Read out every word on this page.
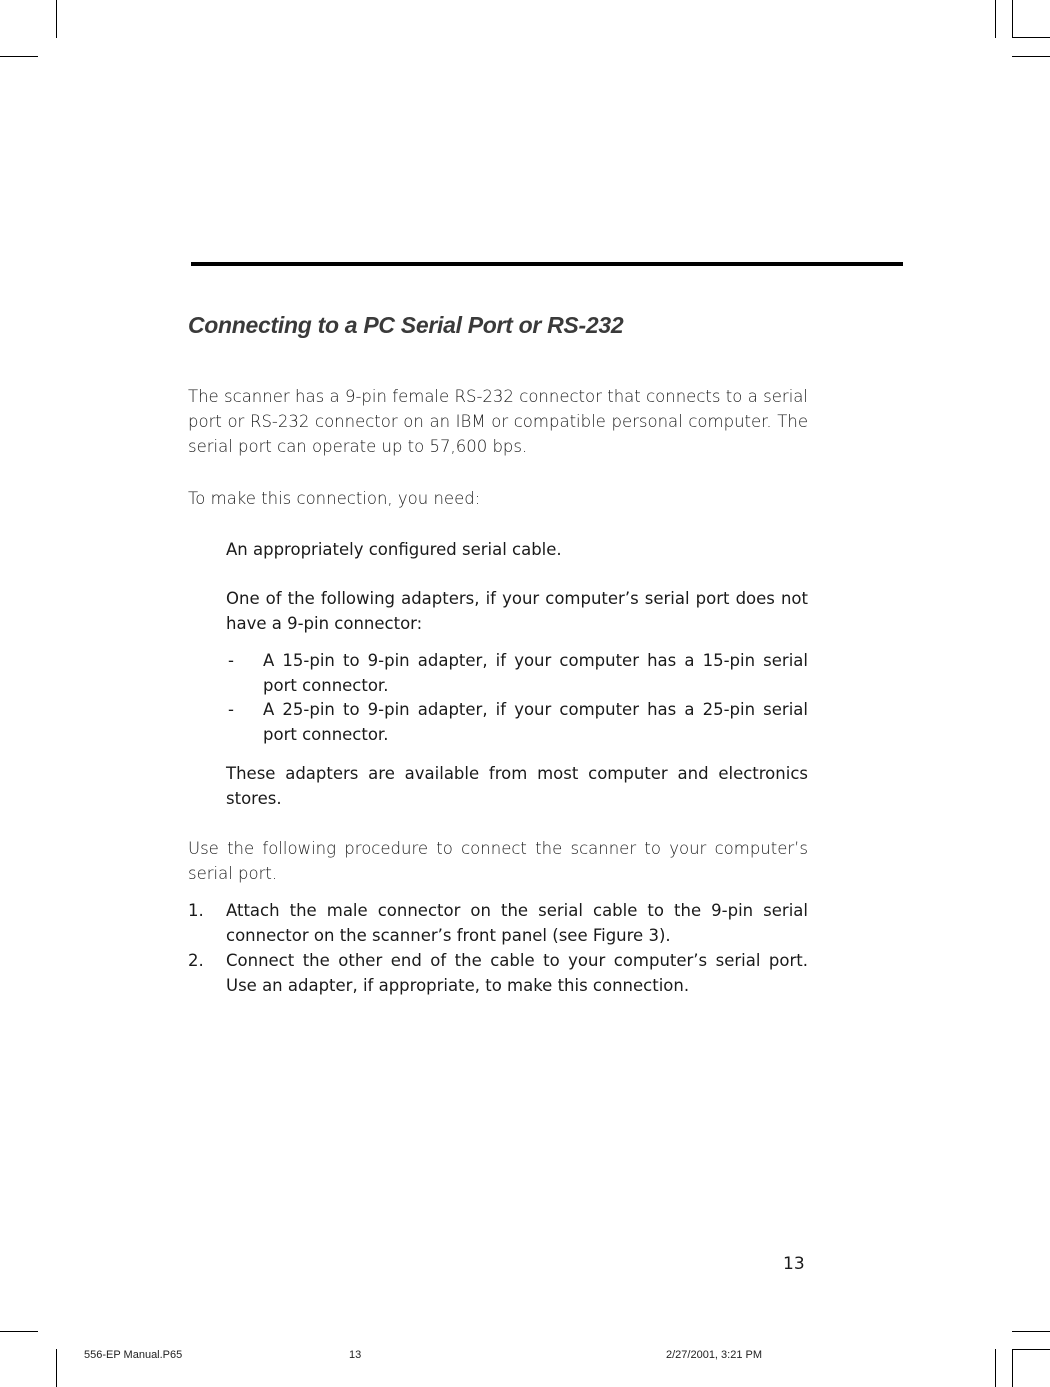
Connecting to a PC Serial Port or RS-232

The scanner has a 9-pin female RS-232 connector that connects to a serial port or RS-232 connector on an IBM or compatible personal computer. The serial port can operate up to 57,600 bps.

To make this connection, you need:

An appropriately configured serial cable.

One of the following adapters, if your computer’s serial port does not have a 9-pin connector:

- A 15-pin to 9-pin adapter, if your computer has a 15-pin serial port connector.

- A 25-pin to 9-pin adapter, if your computer has a 25-pin serial port connector.

These adapters are available from most computer and electronics stores.

Use the following procedure to connect the scanner to your computer’s serial port.

1. Attach the male connector on the serial cable to the 9-pin serial connector on the scanner’s front panel (see Figure 3).

2. Connect the other end of the cable to your computer’s serial port. Use an adapter, if appropriate, to make this connection.

13
556-EP Manual.P65	13	2/27/2001, 3:21 PM
